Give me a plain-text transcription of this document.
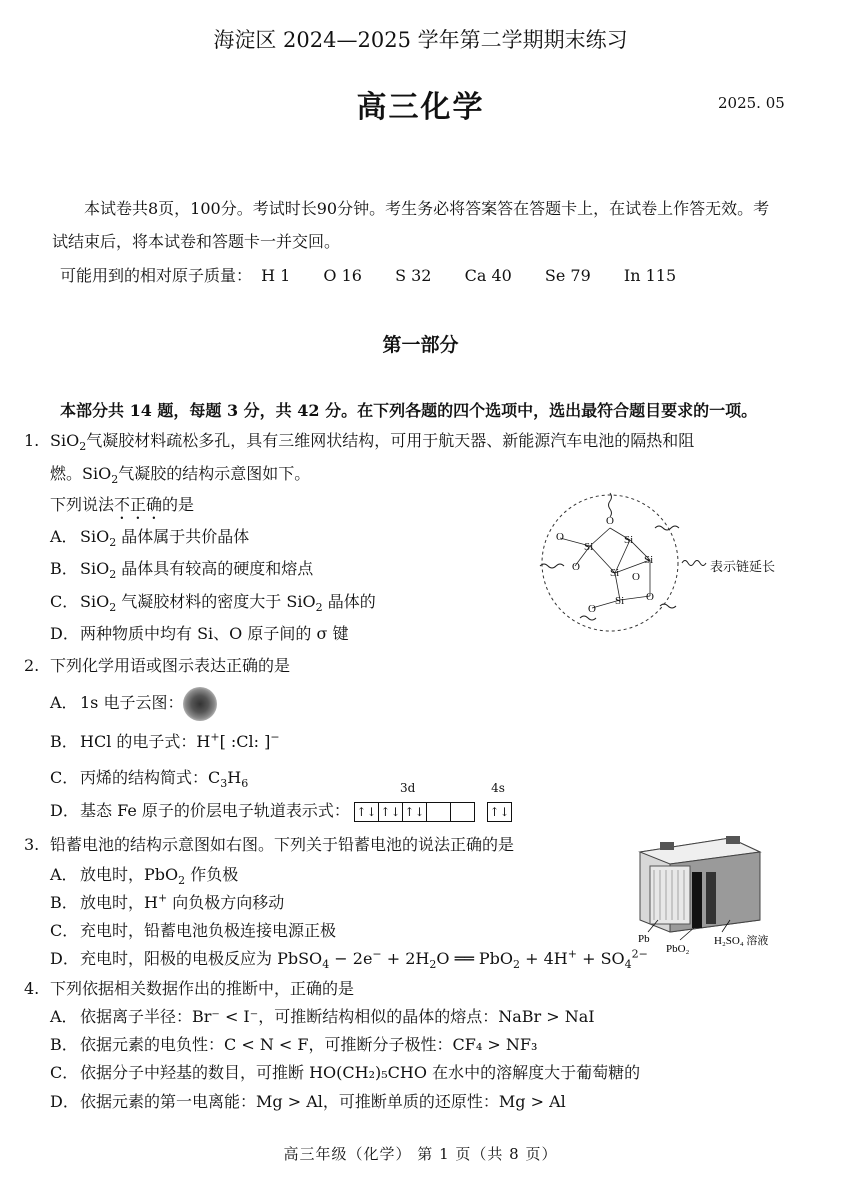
海淀区 2024—2025 学年第二学期期末练习
高三化学	2025. 05
本试卷共8页，100分。考试时长90分钟。考生务必将答案答在答题卡上，在试卷上作答无效。考试结束后，将本试卷和答题卡一并交回。
可能用到的相对原子质量： H 1 O 16 S 32 Ca 40 Se 79 In 115
第一部分
本部分共 14 题，每题 3 分，共 42 分。在下列各题的四个选项中，选出最符合题目要求的一项。
1. SiO$_2$气凝胶材料疏松多孔，具有三维网状结构，可用于航天器、新能源汽车电池的隔热和阻
燃。SiO$_2$气凝胶的结构示意图如下。
下列说法不正确的是
A． SiO$_2$ 晶体属于共价晶体
B． SiO$_2$ 晶体具有较高的硬度和熔点
C． SiO$_2$ 气凝胶材料的密度大于 SiO$_2$ 晶体的
D．两种物质中均有 Si、O 原子间的 σ 键
Si
Si
Si
Si
Si
O
O
O
O
O
O
表示链延长
2. 下列化学用语或图示表达正确的是
A． 1s 电子云图：
B． HCl 的电子式：H+[ :Cl: ]−
C． 丙烯的结构简式：$C_3H_6$
D．基态 Fe 原子的价层电子轨道表示式：
3d
↑↓ ↑↓ ↑↓
4s
↑↓
3. 铅蓄电池的结构示意图如右图。下列关于铅蓄电池的说法正确的是
A． 放电时，PbO$_2$ 作负极
B． 放电时，H+ 向负极方向移动
C． 充电时，铅蓄电池负极连接电源正极
D．充电时，阳极的电极反应为 PbSO$_4$ − $2e^- + 2H_2O$ ══ $PbO_2 + 4H^+ + SO_4^{2-}$
Pb
PbO₂
H₂SO₄ 溶液
4. 下列依据相关数据作出的推断中，正确的是
A． 依据离子半径：Br⁻ < I⁻，可推断结构相似的晶体的熔点：NaBr > NaI
B． 依据元素的电负性：C < N < F，可推断分子极性：CF₄ > NF₃
C． 依据分子中羟基的数目，可推断 HO(CH₂)₅CHO 在水中的溶解度大于葡萄糖的
D．依据元素的第一电离能：Mg > Al，可推断单质的还原性：Mg > Al
高三年级（化学） 第 1 页（共 8 页）
